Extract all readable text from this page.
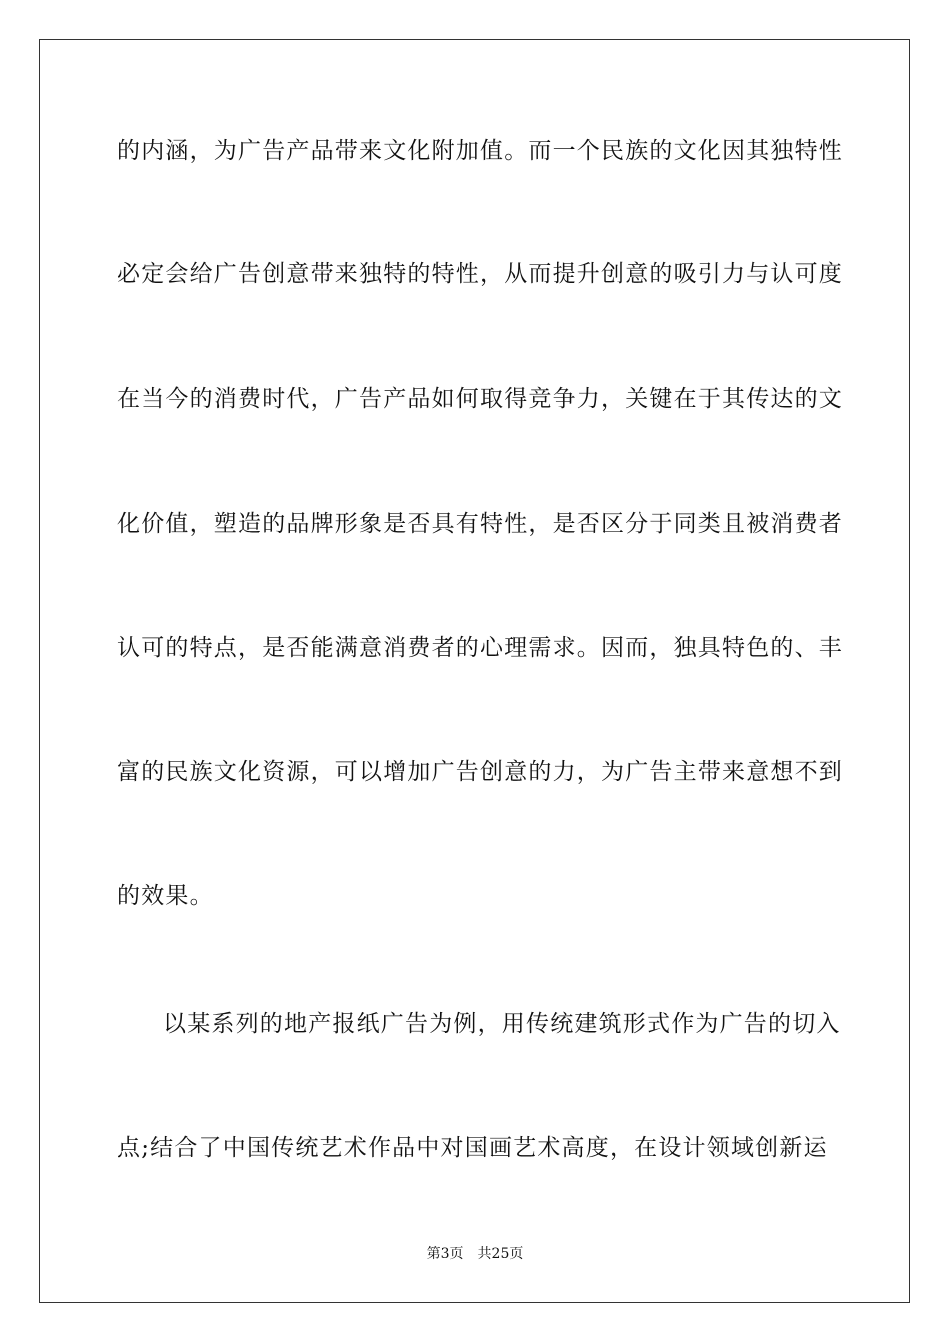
的内涵，为广告产品带来文化附加值。而一个民族的文化因其独特性
必定会给广告创意带来独特的特性，从而提升创意的吸引力与认可度
在当今的消费时代，广告产品如何取得竞争力，关键在于其传达的文
化价值，塑造的品牌形象是否具有特性，是否区分于同类且被消费者
认可的特点，是否能满意消费者的心理需求。因而，独具特色的、丰
富的民族文化资源，可以增加广告创意的力，为广告主带来意想不到
的效果。
以某系列的地产报纸广告为例，用传统建筑形式作为广告的切入
点;结合了中国传统艺术作品中对国画艺术高度，在设计领域创新运
第3页 共25页
